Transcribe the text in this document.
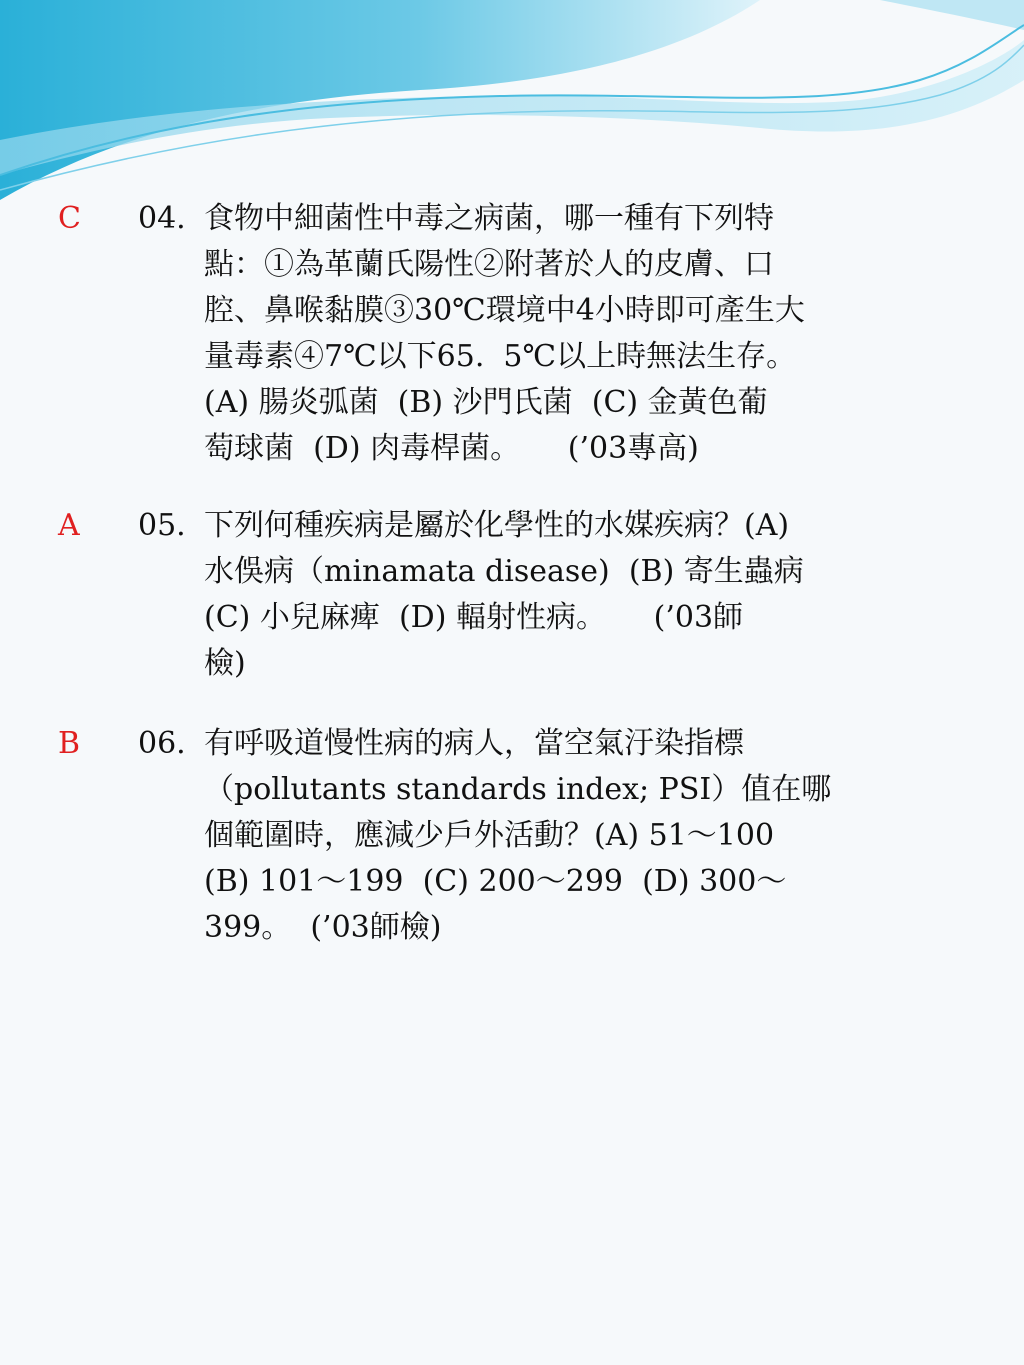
C 04. 食物中細菌性中毒之病菌，哪一種有下列特
點：①為革蘭氏陽性②附著於人的皮膚、口
腔、鼻喉黏膜③30℃環境中4小時即可產生大
量毒素④7℃以下65.  5℃以上時無法生存。
(A) 腸炎弧菌  (B) 沙門氏菌  (C) 金黃色葡
萄球菌  (D) 肉毒桿菌。     (’03專高)
A 05. 下列何種疾病是屬於化學性的水媒疾病？(A)
水俁病（minamata disease)  (B) 寄生蟲病
(C) 小兒麻痺  (D) 輻射性病。     (’03師
檢)
B 06. 有呼吸道慢性病的病人，當空氣汙染指標
（pollutants standards index; PSI）值在哪
個範圍時，應減少戶外活動？(A) 51～100
(B) 101～199  (C) 200～299  (D) 300～
399。  (’03師檢)
